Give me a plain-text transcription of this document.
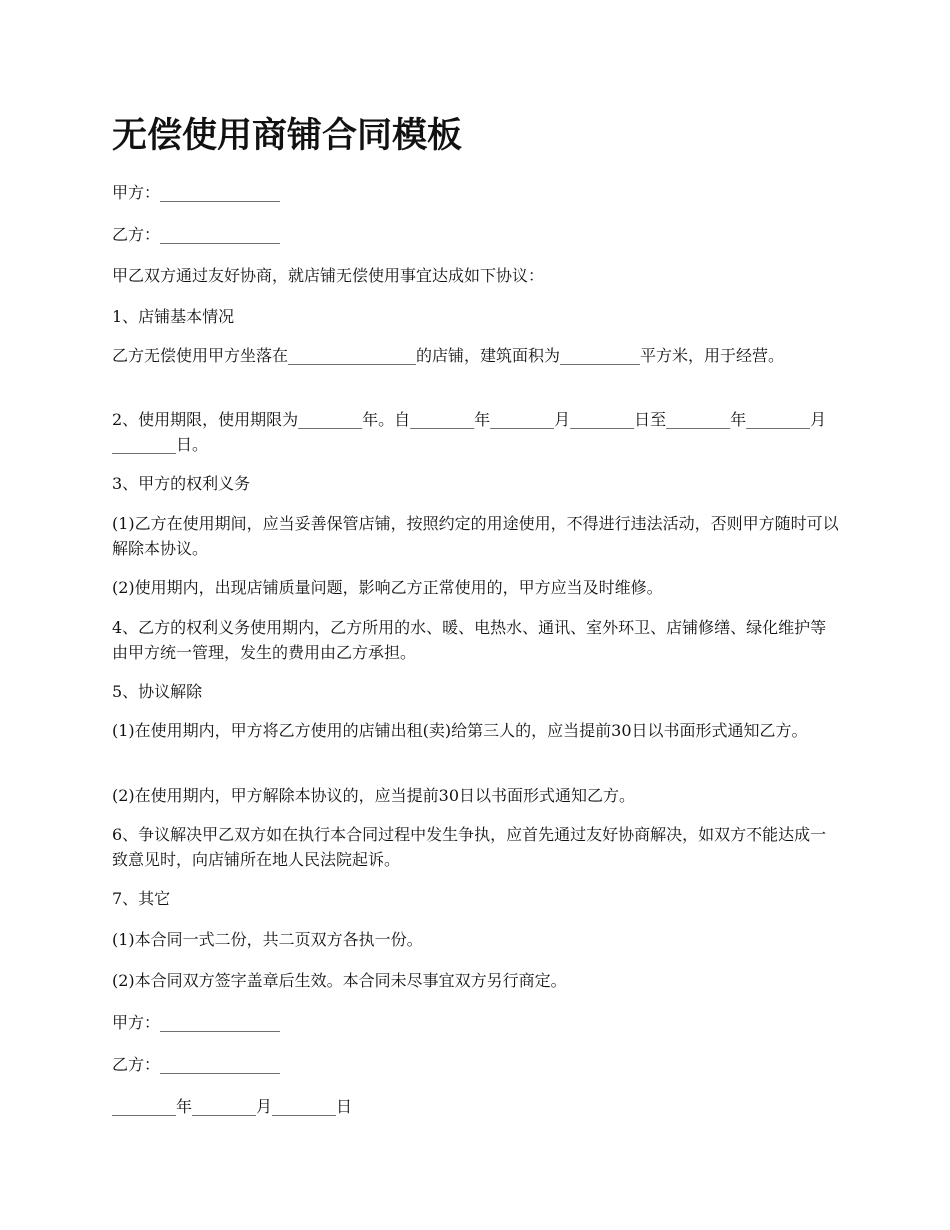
无偿使用商铺合同模板

甲方：_______________

乙方：_______________

甲乙双方通过友好协商，就店铺无偿使用事宜达成如下协议：

1、店铺基本情况

乙方无偿使用甲方坐落在________________的店铺，建筑面积为__________平方米，用于经营。

2、使用期限，使用期限为________年。自________年________月________日至________年________月________日。

3、甲方的权利义务

(1)乙方在使用期间，应当妥善保管店铺，按照约定的用途使用，不得进行违法活动，否则甲方随时可以解除本协议。

(2)使用期内，出现店铺质量问题，影响乙方正常使用的，甲方应当及时维修。

4、乙方的权利义务使用期内，乙方所用的水、暖、电热水、通讯、室外环卫、店铺修缮、绿化维护等由甲方统一管理，发生的费用由乙方承担。

5、协议解除

(1)在使用期内，甲方将乙方使用的店铺出租(卖)给第三人的，应当提前30日以书面形式通知乙方。

(2)在使用期内，甲方解除本协议的，应当提前30日以书面形式通知乙方。

6、争议解决甲乙双方如在执行本合同过程中发生争执，应首先通过友好协商解决，如双方不能达成一致意见时，向店铺所在地人民法院起诉。

7、其它

(1)本合同一式二份，共二页双方各执一份。

(2)本合同双方签字盖章后生效。本合同未尽事宜双方另行商定。

甲方：_______________

乙方：_______________

________年________月________日
